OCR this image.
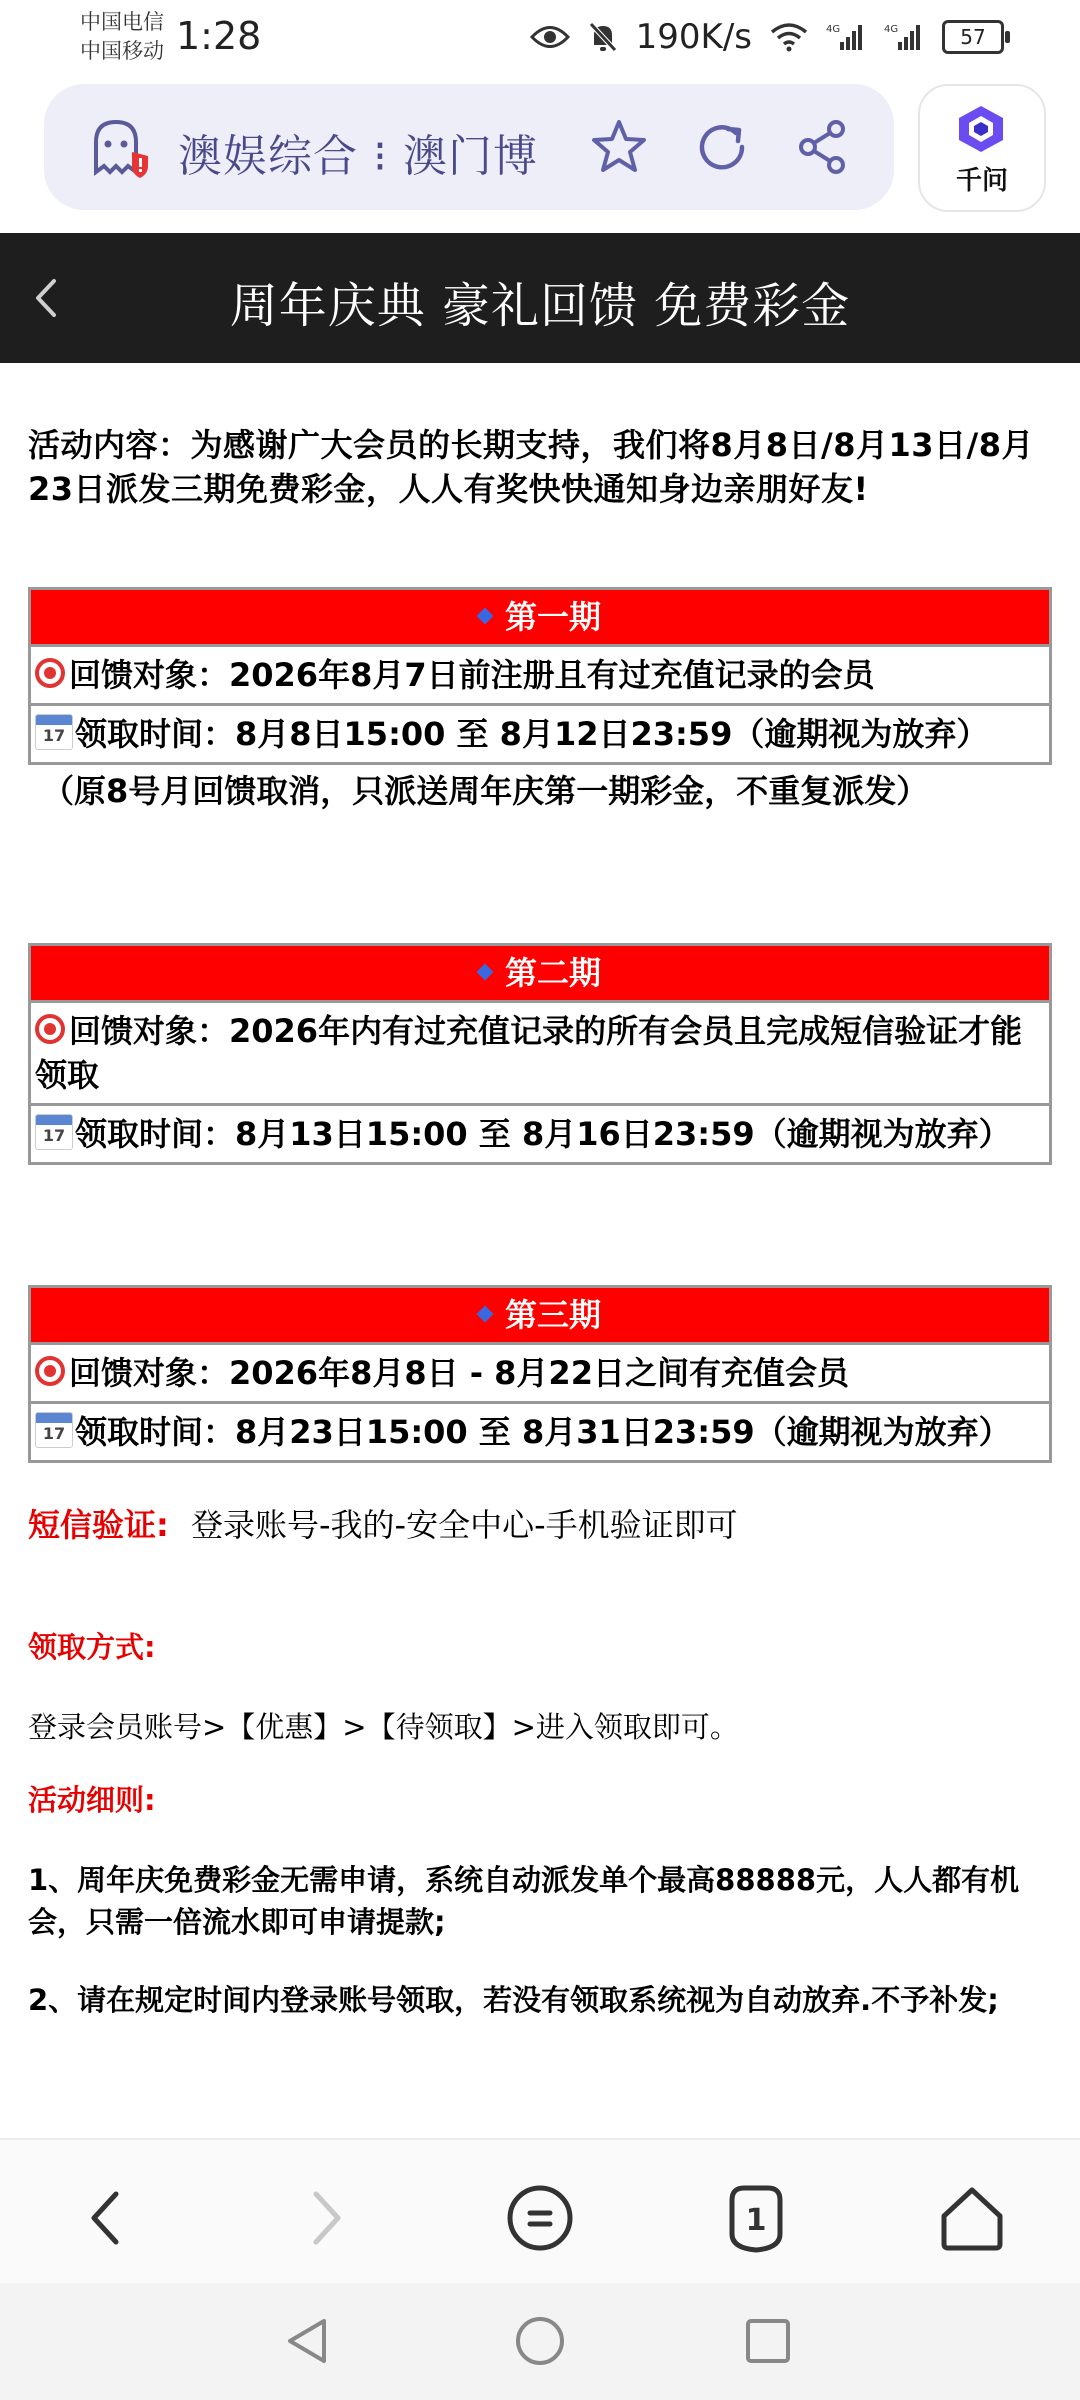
中国电信
中国移动 1:28	190K/s	4G	4G	57
澳娱综合 ⁝ 澳门博	千问
周年庆典 豪礼回馈 免费彩金
活动内容：为感谢广大会员的长期支持，我们将8月8日/8月13日/8月23日派发三期免费彩金，人人有奖快快通知身边亲朋好友!
第一期
回馈对象：2026年8月7日前注册且有过充值记录的会员
17 领取时间：8月8日15:00 至 8月12日23:59（逾期视为放弃）
（原8号月回馈取消，只派送周年庆第一期彩金，不重复派发）
第二期
回馈对象：2026年内有过充值记录的所有会员且完成短信验证才能领取
17 领取时间：8月13日15:00 至 8月16日23:59（逾期视为放弃）
第三期
回馈对象：2026年8月8日 - 8月22日之间有充值会员
17 领取时间：8月23日15:00 至 8月31日23:59（逾期视为放弃）
短信验证: 登录账号-我的-安全中心-手机验证即可
领取方式:
登录会员账号>【优惠】>【待领取】>进入领取即可。
活动细则:
1、周年庆免费彩金无需申请，系统自动派发单个最高88888元，人人都有机会，只需一倍流水即可申请提款;
2、请在规定时间内登录账号领取，若没有领取系统视为自动放弃.不予补发;
1
